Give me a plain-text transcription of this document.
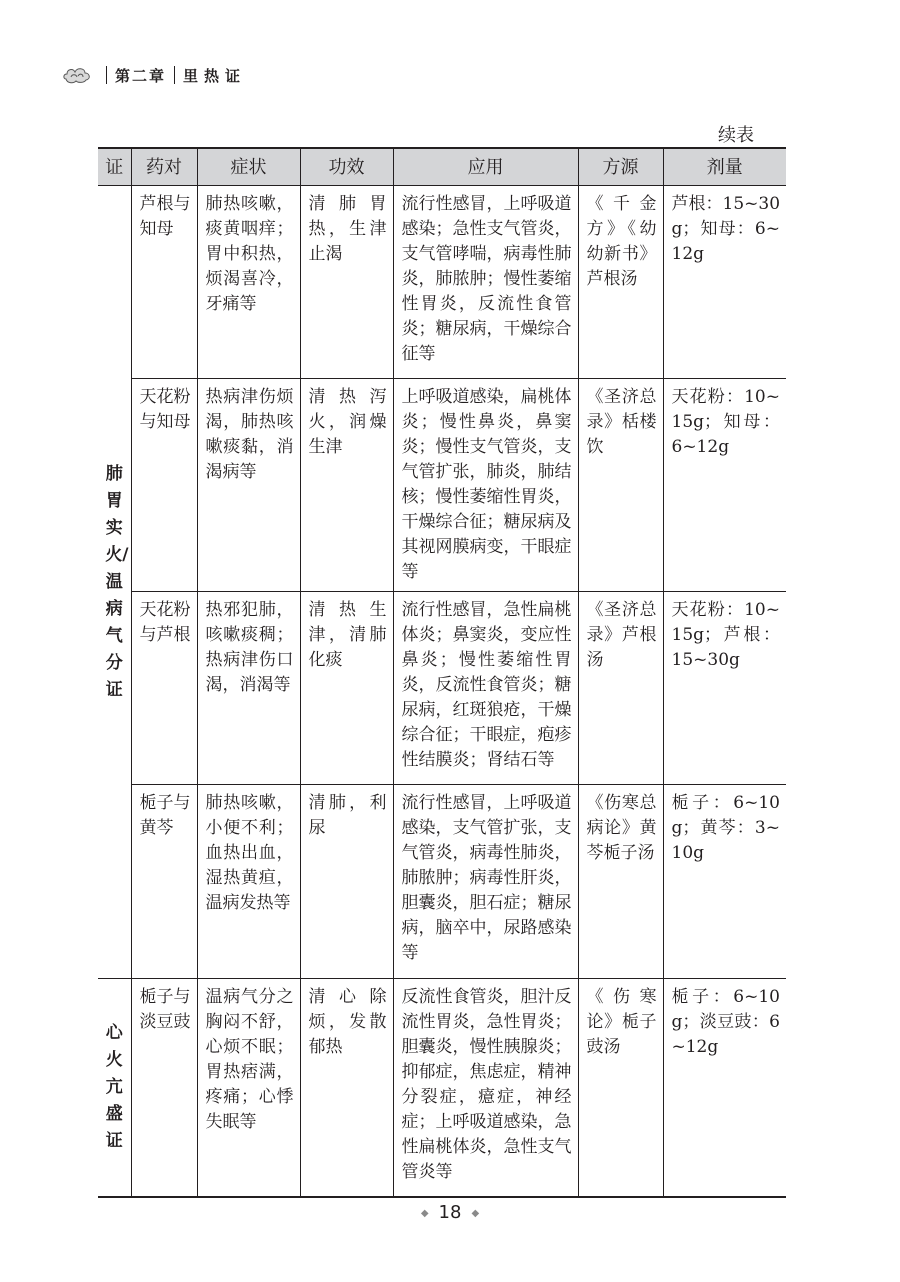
第二章 里热证
续表
证	药对	症状	功效	应用	方源	剂量

肺胃实火/温病气分证	芦根与知母	肺热咳嗽，痰黄咽痒；胃中积热，烦渴喜冷，牙痛等	清肺胃热，生津止渴	流行性感冒，上呼吸道感染；急性支气管炎，支气管哮喘，病毒性肺炎，肺脓肿；慢性萎缩性胃炎，反流性食管炎；糖尿病，干燥综合征等	《千金方》《幼幼新书》芦根汤	芦根：15~30g；知母：6~12g

	天花粉与知母	热病津伤烦渴，肺热咳嗽痰黏，消渴病等	清热泻火，润燥生津	上呼吸道感染，扁桃体炎；慢性鼻炎，鼻窦炎；慢性支气管炎，支气管扩张，肺炎，肺结核；慢性萎缩性胃炎，干燥综合征；糖尿病及其视网膜病变，干眼症等	《圣济总录》栝楼饮	天花粉：10~15g；知母：6~12g

	天花粉与芦根	热邪犯肺，咳嗽痰稠；热病津伤口渴，消渴等	清热生津，清肺化痰	流行性感冒，急性扁桃体炎；鼻窦炎，变应性鼻炎；慢性萎缩性胃炎，反流性食管炎；糖尿病，红斑狼疮，干燥综合征；干眼症，疱疹性结膜炎；肾结石等	《圣济总录》芦根汤	天花粉：10~15g；芦根：15~30g

	栀子与黄芩	肺热咳嗽，小便不利；血热出血，湿热黄疸，温病发热等	清肺，利尿	流行性感冒，上呼吸道感染，支气管扩张，支气管炎，病毒性肺炎，肺脓肿；病毒性肝炎，胆囊炎，胆石症；糖尿病，脑卒中，尿路感染等	《伤寒总病论》黄芩栀子汤	栀子：6~10g；黄芩：3~10g

心火亢盛证	栀子与淡豆豉	温病气分之胸闷不舒，心烦不眠；胃热痞满，疼痛；心悸失眠等	清心除烦，发散郁热	反流性食管炎，胆汁反流性胃炎，急性胃炎；胆囊炎，慢性胰腺炎；抑郁症，焦虑症，精神分裂症，癔症，神经症；上呼吸道感染，急性扁桃体炎，急性支气管炎等	《伤寒论》栀子豉汤	栀子：6~10g；淡豆豉：6~12g
◆ 18 ◆
